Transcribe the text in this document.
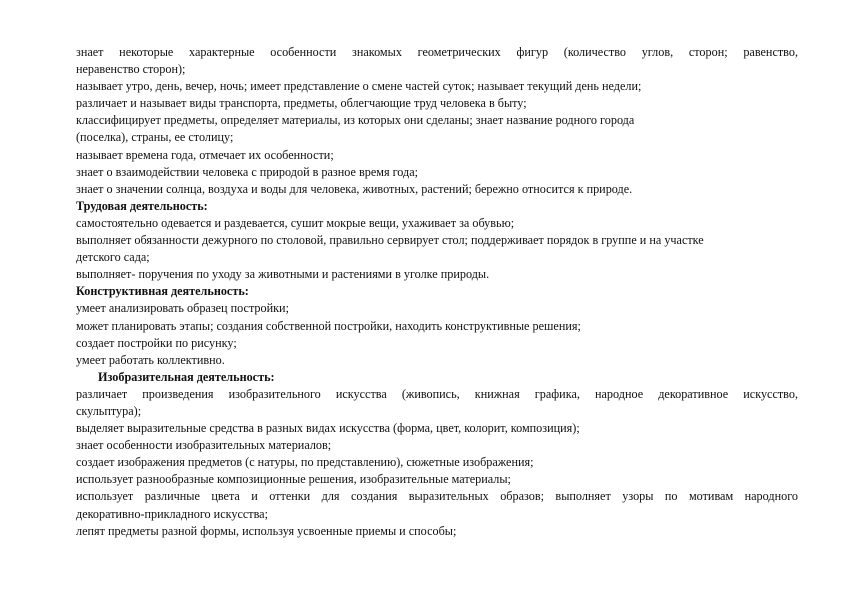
знает некоторые характерные особенности знакомых геометрических фигур (количество углов, сторон; равенство,
неравенство сторон);
называет утро, день, вечер, ночь; имеет представление о смене частей суток; называет текущий день недели;
различает и называет виды транспорта, предметы, облегчающие труд человека в быту;
классифицирует предметы, определяет материалы, из которых они сделаны; знает название родного города
(поселка), страны, ее столицу;
называет времена года, отмечает их особенности;
знает о взаимодействии человека с природой в разное время года;
знает о значении солнца, воздуха и воды для человека, животных, растений; бережно относится к природе.
Трудовая деятельность:
самостоятельно одевается и раздевается, сушит мокрые вещи, ухаживает за обувью;
выполняет обязанности дежурного по столовой, правильно сервирует стол; поддерживает порядок в группе и на участке
детского сада;
выполняет- поручения по уходу за животными и растениями в уголке природы.
Конструктивная деятельность:
умеет анализировать образец постройки;
может планировать этапы; создания собственной постройки, находить конструктивные решения;
создает постройки по рисунку;
умеет работать коллективно.
Изобразительная деятельность:
различает произведения изобразительного искусства (живопись, книжная графика, народное декоративное искусство,
скульптура);
выделяет выразительные средства в разных видах искусства (форма, цвет, колорит, композиция);
знает особенности изобразительных материалов;
создает изображения предметов (с натуры, по представлению), сюжетные изображения;
использует разнообразные композиционные решения, изобразительные материалы;
использует различные цвета и оттенки для создания выразительных образов; выполняет узоры по мотивам народного
декоративно-прикладного искусства;
лепят предметы разной формы, используя усвоенные приемы и способы;
